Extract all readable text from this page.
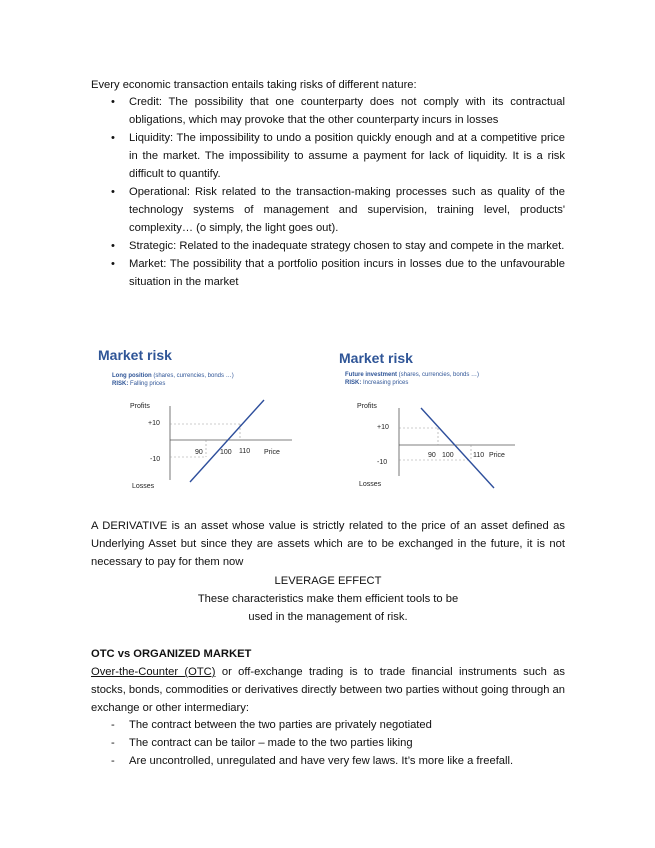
Every economic transaction entails taking risks of different nature:
• Credit: The possibility that one counterparty does not comply with its contractual obligations, which may provoke that the other counterparty incurs in losses
• Liquidity: The impossibility to undo a position quickly enough and at a competitive price in the market. The impossibility to assume a payment for lack of liquidity. It is a risk difficult to quantify.
• Operational: Risk related to the transaction-making processes such as quality of the technology systems of management and supervision, training level, products' complexity… (o simply, the light goes out).
• Strategic: Related to the inadequate strategy chosen to stay and compete in the market.
• Market: The possibility that a portfolio position incurs in losses due to the unfavourable situation in the market
Market risk
Long position (shares, currencies, bonds …)
RISK: Falling prices
Profits
Losses
+10
-10
90 100 110 Price
Market risk
Future investment (shares, currencies, bonds …)
RISK: Increasing prices
Profits
Losses
+10
-10
90 100	110 Price
A DERIVATIVE is an asset whose value is strictly related to the price of an asset defined as Underlying Asset but since they are assets which are to be exchanged in the future, it is not necessary to pay for them now
LEVERAGE EFFECT
These characteristics make them efficient tools to be
used in the management of risk.
OTC vs ORGANIZED MARKET
Over-the-Counter (OTC) or off-exchange trading is to trade financial instruments such as stocks, bonds, commodities or derivatives directly between two parties without going through an exchange or other intermediary:
- The contract between the two parties are privately negotiated
- The contract can be tailor – made to the two parties liking
- Are uncontrolled, unregulated and have very few laws. It’s more like a freefall.
